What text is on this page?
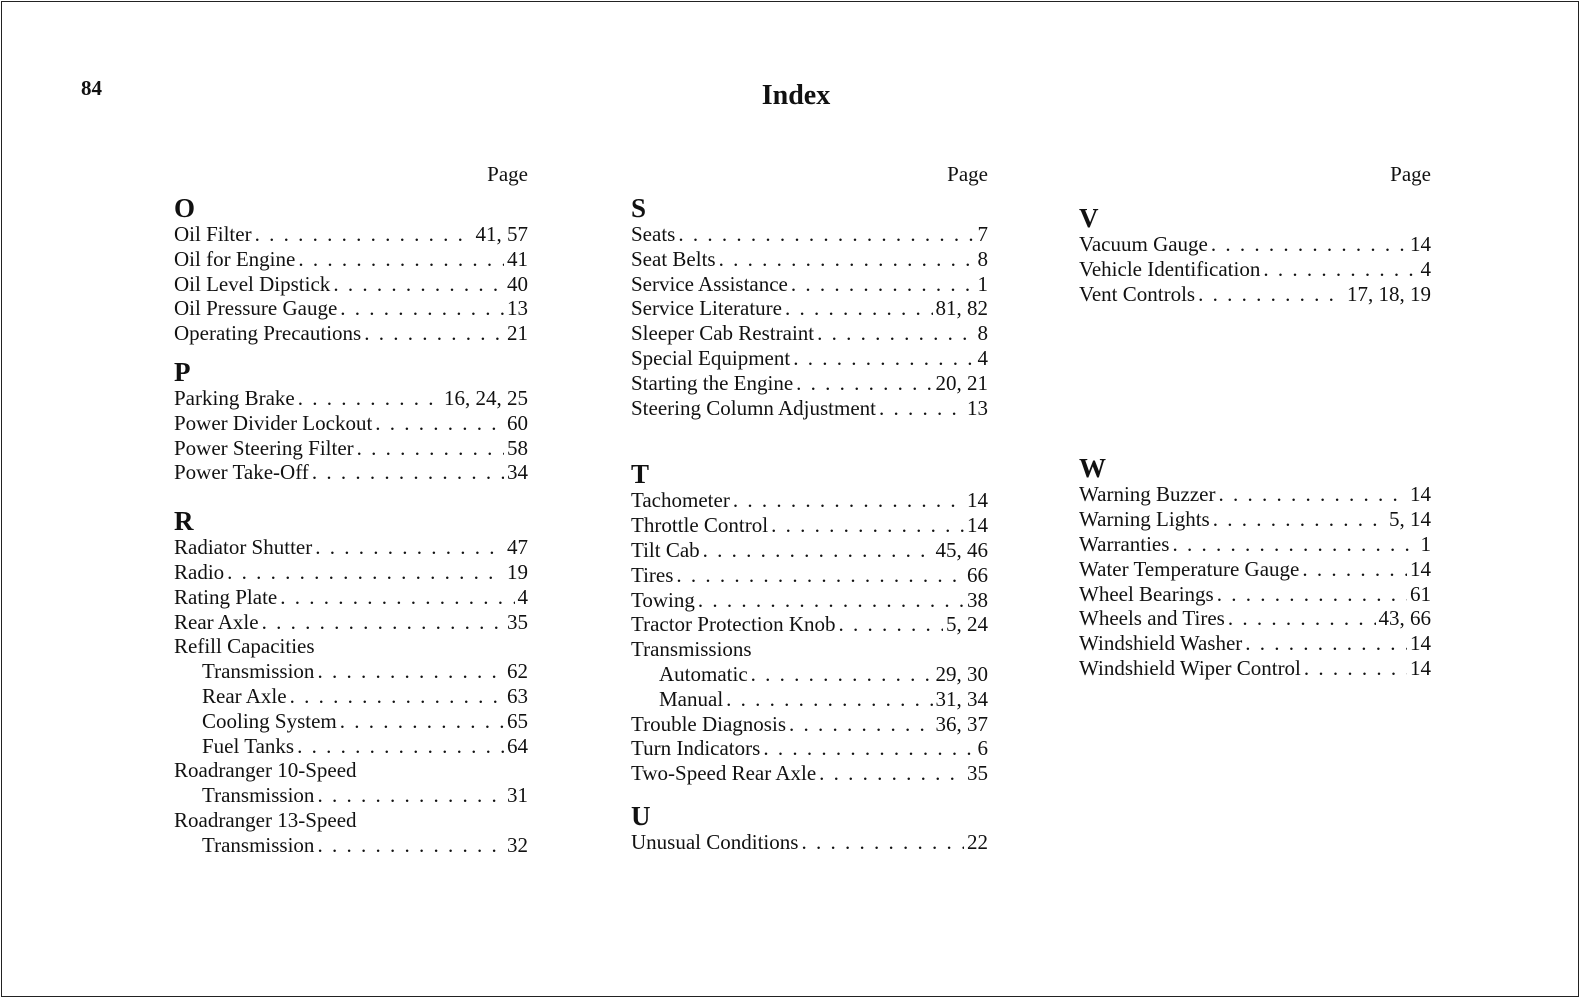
84	Index
Page
O
Oil Filter . . .	41, 57
Oil for Engine . . .	41
Oil Level Dipstick . . .	40
Oil Pressure Gauge . . .	13
Operating Precautions . . .	21
P
Parking Brake . . .	16, 24, 25
Power Divider Lockout . . .	60
Power Steering Filter . . .	58
Power Take-Off . . .	34
R
Radiator Shutter . . .	47
Radio . . .	19
Rating Plate . . .	4
Rear Axle . . .	35
Refill Capacities
Transmission . . .	62
Rear Axle . . .	63
Cooling System . . .	65
Fuel Tanks . . .	64
Roadranger 10-Speed
Transmission . . .	31
Roadranger 13-Speed
Transmission . . .	32
Page
S
Seats . . .	7
Seat Belts . . .	8
Service Assistance . . .	1
Service Literature . . .	81, 82
Sleeper Cab Restraint . . .	8
Special Equipment . . .	4
Starting the Engine . . .	20, 21
Steering Column Adjustment . . .	13
T
Tachometer . . .	14
Throttle Control . . .	14
Tilt Cab . . .	45, 46
Tires . . .	66
Towing . . .	38
Tractor Protection Knob . . .	5, 24
Transmissions
Automatic . . .	29, 30
Manual . . .	31, 34
Trouble Diagnosis . . .	36, 37
Turn Indicators . . .	6
Two-Speed Rear Axle . . .	35
U
Unusual Conditions . . .	22
Page
V
Vacuum Gauge . . .	14
Vehicle Identification . . .	4
Vent Controls . . .	17, 18, 19
W
Warning Buzzer . . .	14
Warning Lights . . .	5, 14
Warranties . . .	1
Water Temperature Gauge . . .	14
Wheel Bearings . . .	61
Wheels and Tires . . .	43, 66
Windshield Washer . . .	14
Windshield Wiper Control . . .	14
